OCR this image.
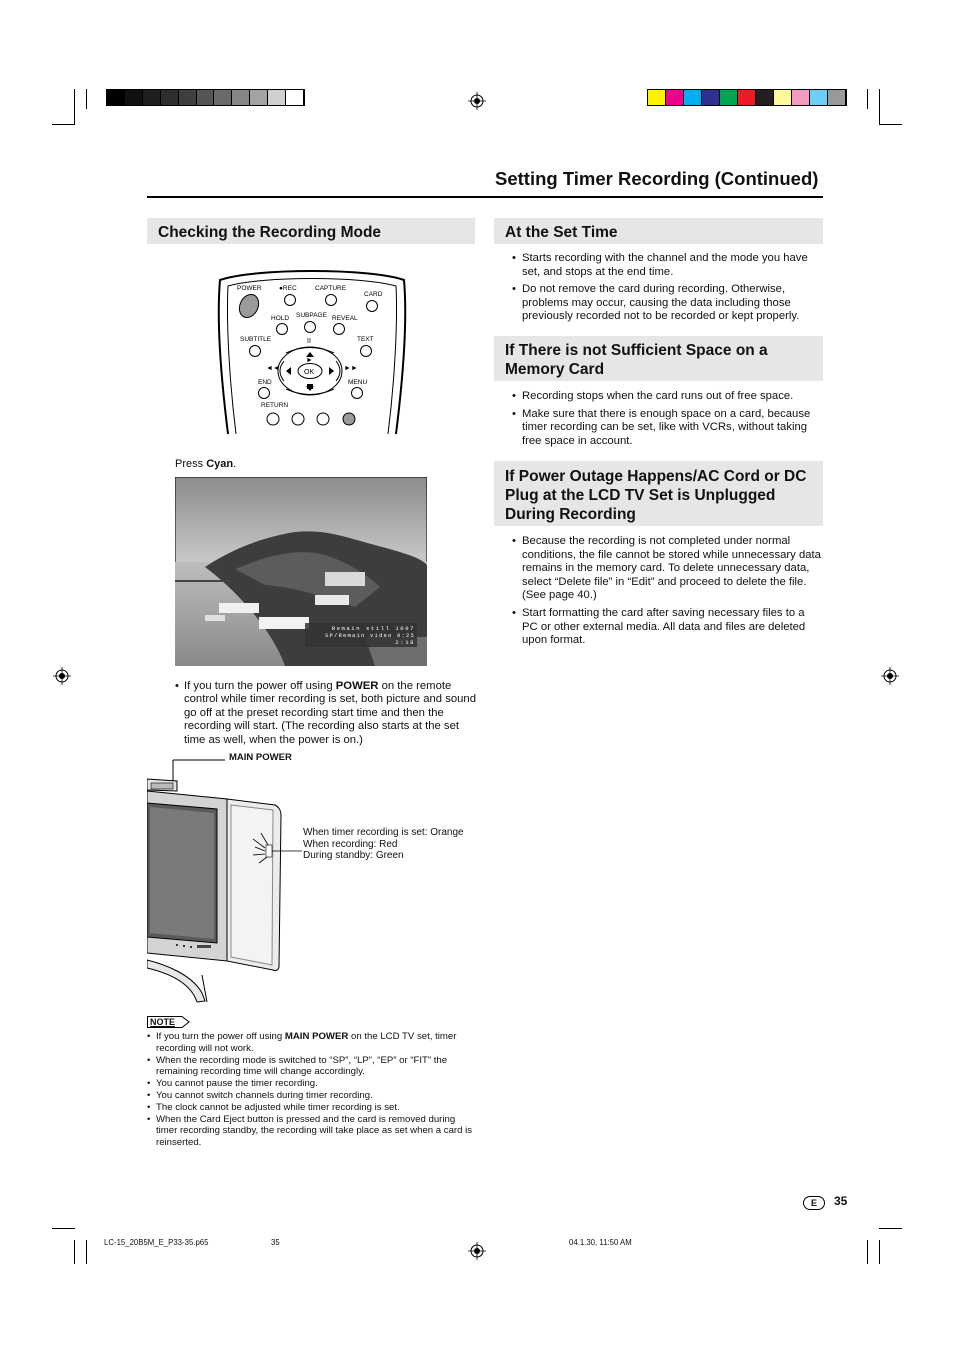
Setting Timer Recording (Continued)
Checking the Recording Mode
POWER	●REC	CAPTURE
CARD
HOLD SUBPAGE REVEAL
SUBTITLE	TEXT
II
OK
◄◄	►►
►
END	MENU
RETURN
Press Cyan.
Remain still 1007
SP/Remain video 0:25
2:18
• If you turn the power off using POWER on the remote control while timer recording is set, both picture and sound go off at the preset recording start time and then the recording will start. (The recording also starts at the set time as well, when the power is on.)
MAIN POWER
When timer recording is set: Orange
When recording: Red
During standby: Green
NOTE
• If you turn the power off using MAIN POWER on the LCD TV set, timer recording will not work.
• When the recording mode is switched to “SP”, “LP”, “EP” or “FIT” the remaining recording time will change accordingly.
• You cannot pause the timer recording.
• You cannot switch channels during timer recording.
• The clock cannot be adjusted while timer recording is set.
• When the Card Eject button is pressed and the card is removed during timer recording standby, the recording will take place as set when a card is reinserted.
At the Set Time
• Starts recording with the channel and the mode you have set, and stops at the end time.
• Do not remove the card during recording. Otherwise, problems may occur, causing the data including those previously recorded not to be recorded or kept properly.
If There is not Sufficient Space on a Memory Card
• Recording stops when the card runs out of free space.
• Make sure that there is enough space on a card, because timer recording can be set, like with VCRs, without taking free space in account.
If Power Outage Happens/AC Cord or DC Plug at the LCD TV Set is Unplugged During Recording
• Because the recording is not completed under normal conditions, the file cannot be stored while unnecessary data remains in the memory card. To delete unnecessary data, select “Delete file” in “Edit” and proceed to delete the file. (See page 40.)
• Start formatting the card after saving necessary files to a PC or other external media. All data and files are deleted upon format.
E	35
LC-15_20B5M_E_P33-35.p65	35	04.1.30, 11:50 AM
